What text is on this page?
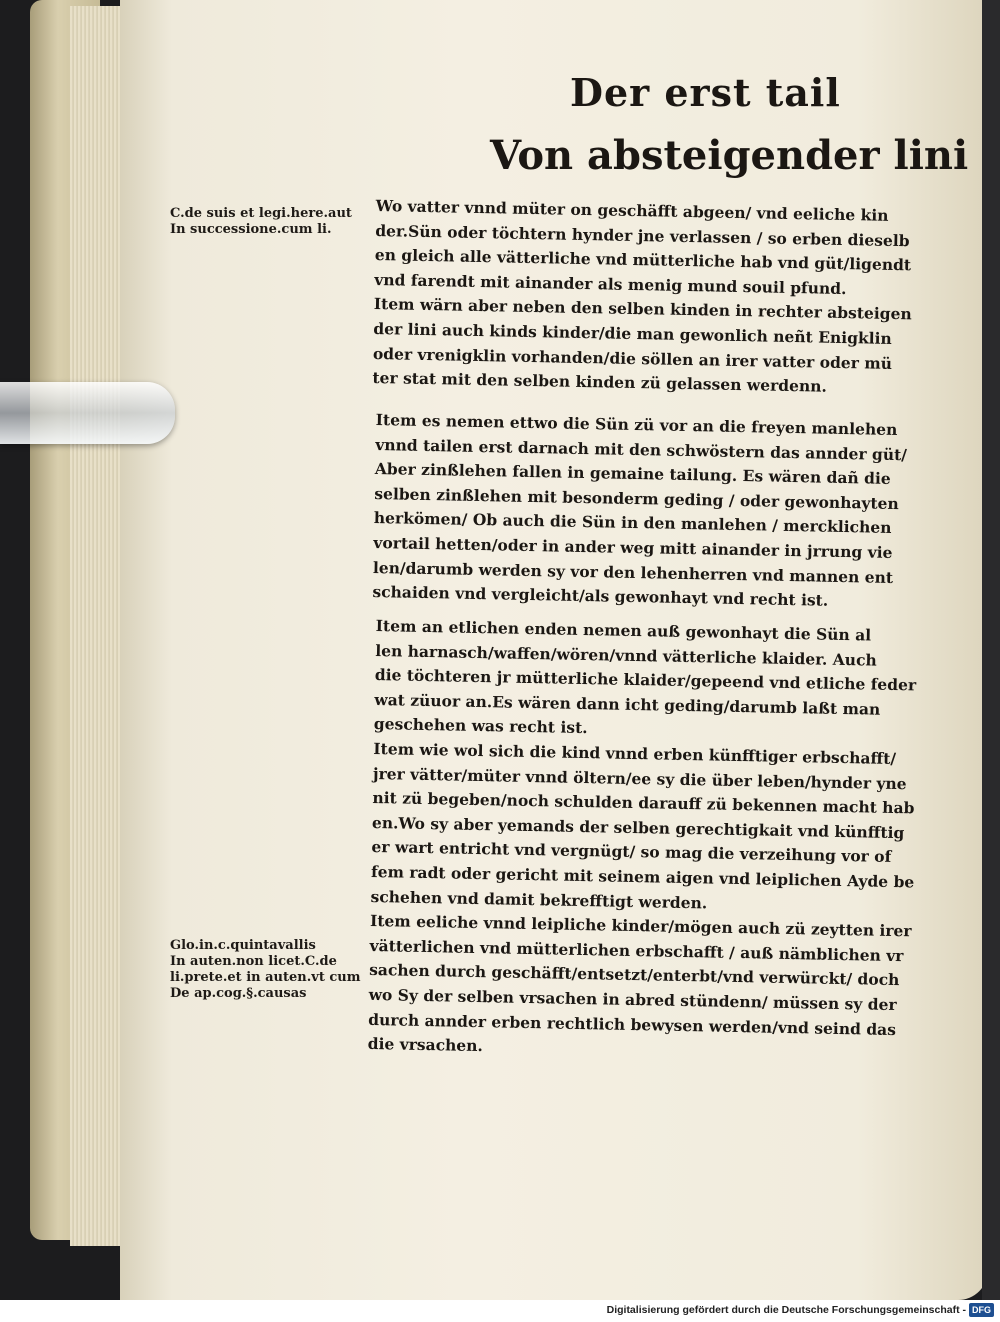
Der erst tail
Von absteigender lini
C.de suis et legi.here.aut
In successione.cum li.
Glo.in.c.quintavallis
In auten.non licet.C.de
li.prete.et in auten.vt cum
De ap.cog.§.causas
Wo vatter vnnd müter on geschäfft abgeen/ vnd eeliche kin
der.Sün oder töchtern hynder jne verlassen / so erben dieselb
en gleich alle vätterliche vnd mütterliche hab vnd güt/ligendt
vnd farendt mit ainander als menig mund souil pfund.
Item wärn aber neben den selben kinden in rechter absteigen
der lini auch kinds kinder/die man gewonlich neñt Enigklin
oder vrenigklin vorhanden/die söllen an irer vatter oder mü
ter stat mit den selben kinden zü gelassen werdenn.
Item es nemen ettwo die Sün zü vor an die freyen manlehen
vnnd tailen erst darnach mit den schwöstern das annder güt/
Aber zinßlehen fallen in gemaine tailung. Es wären dañ die
selben zinßlehen mit besonderm geding / oder gewonhayten
herkömen/ Ob auch die Sün in den manlehen / mercklichen
vortail hetten/oder in ander weg mitt ainander in jrrung vie
len/darumb werden sy vor den lehenherren vnd mannen ent
schaiden vnd vergleicht/als gewonhayt vnd recht ist.
Item an etlichen enden nemen auß gewonhayt die Sün al
len harnasch/waffen/wören/vnnd vätterliche klaider. Auch
die töchteren jr mütterliche klaider/gepeend vnd etliche feder
wat züuor an.Es wären dann icht geding/darumb laßt man
geschehen was recht ist.
Item wie wol sich die kind vnnd erben künfftiger erbschafft/
jrer vätter/müter vnnd öltern/ee sy die über leben/hynder yne
nit zü begeben/noch schulden darauff zü bekennen macht hab
en.Wo sy aber yemands der selben gerechtigkait vnd künfftig
er wart entricht vnd vergnügt/ so mag die verzeihung vor of
fem radt oder gericht mit seinem aigen vnd leiplichen Ayde be
schehen vnd damit bekrefftigt werden.
Item eeliche vnnd leipliche kinder/mögen auch zü zeytten irer
vätterlichen vnd mütterlichen erbschafft / auß nämblichen vr
sachen durch geschäfft/entsetzt/enterbt/vnd verwürckt/ doch
wo Sy der selben vrsachen in abred stündenn/ müssen sy der
durch annder erben rechtlich bewysen werden/vnd seind das
die vrsachen.
Digitalisierung gefördert durch die Deutsche Forschungsgemeinschaft - DFG
